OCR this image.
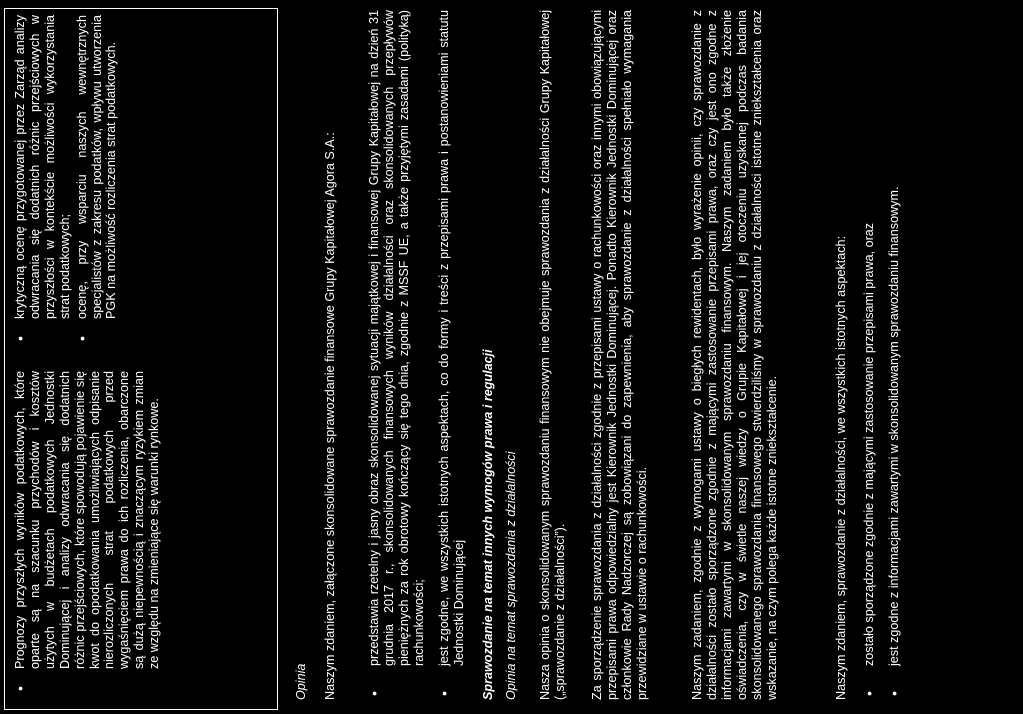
•
Prognozy przyszłych wyników podatkowych, które oparte są na szacunku przychodów i kosztów użytych w budżetach podatkowych Jednostki Dominującej i analizy odwracania się dodatnich różnic przejściowych, które spowodują pojawienie się kwot do opodatkowania umożliwiających odpisanie nierozliczonych strat podatkowych przed wygaśnięciem prawa do ich rozliczenia, obarczone są dużą niepewnością i znaczącym ryzykiem zmian ze względu na zmieniające się warunki rynkowe.
•
krytyczną ocenę przygotowanej przez Zarząd analizy odwracania się dodatnich różnic przejściowych w przyszłości w kontekście możliwości wykorzystania strat podatkowych;
•
ocenę, przy wsparciu naszych wewnętrznych specjalistów z zakresu podatków, wpływu utworzenia PGK na możliwość rozliczenia strat podatkowych.
Opinia Naszym zdaniem, załączone skonsolidowane sprawozdanie finansowe Grupy Kapitałowej Agora S.A.: •
przedstawia rzetelny i jasny obraz skonsolidowanej sytuacji majątkowej i finansowej Grupy Kapitałowej na dzień 31 grudnia 2017 r., skonsolidowanych finansowych wyników działalności oraz skonsolidowanych przepływów pieniężnych za rok obrotowy kończący się tego dnia, zgodnie z MSSF UE, a także przyjętymi zasadami (polityką) rachunkowości;
•
jest zgodne, we wszystkich istotnych aspektach, co do formy i treści z przepisami prawa i postanowieniami statutu Jednostki Dominującej Sprawozdanie na temat innych wymogów prawa i regulacji Opinia na temat sprawozdania z działalności Nasza opinia o skonsolidowanym sprawozdaniu finansowym nie obejmuje sprawozdania z działalności Grupy Kapitałowej („sprawozdanie z działalności”). Za sporządzenie sprawozdania z działalności zgodnie z przepisami ustawy o rachunkowości oraz innymi obowiązującymi przepisami prawa odpowiedzialny jest Kierownik Jednostki Dominującej. Ponadto Kierownik Jednostki Dominującej oraz członkowie Rady Nadzorczej są zobowiązani do zapewnienia, aby sprawozdanie z działalności spełniało wymagania przewidziane w ustawie o rachunkowości.	Naszym zadaniem, zgodnie z wymogami ustawy o biegłych rewidentach, było wyrażenie opinii, czy sprawozdanie z działalności zostało sporządzone zgodnie z mającymi zastosowanie przepisami prawa, oraz czy jest ono zgodne z informacjami zawartymi w skonsolidowanym sprawozdaniu finansowym. Naszym zadaniem było także złożenie oświadczenia, czy w świetle naszej wiedzy o Grupie Kapitałowej i jej otoczeniu uzyskanej podczas badania skonsolidowanego sprawozdania finansowego stwierdziliśmy w sprawozdaniu z działalności istotne zniekształcenia oraz wskazanie, na czym polega każde istotne zniekształcenie.	Naszym zdaniem, sprawozdanie z działalności, we wszystkich istotnych aspektach: •
zostało sporządzone zgodnie z mającymi zastosowanie przepisami prawa, oraz
•
jest zgodne z informacjami zawartymi w skonsolidowanym sprawozdaniu finansowym.
